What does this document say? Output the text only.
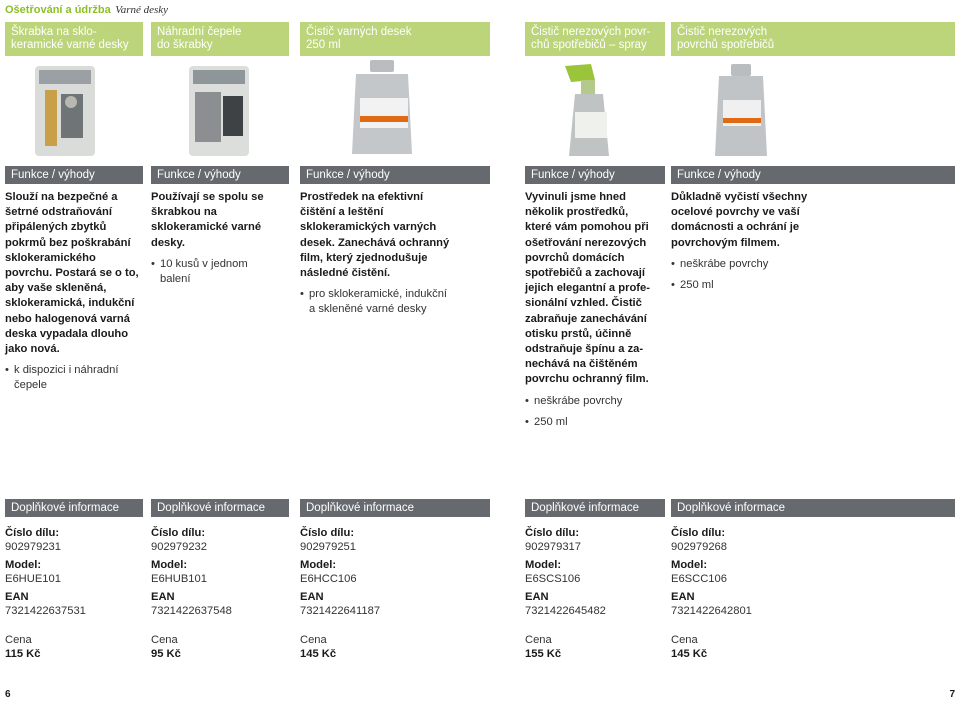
Ošetřování a údržba Varné desky
Škrabka na sklo-
keramické varné desky
Náhradní čepele
do škrabky
Čistič varných desek
250 ml
Čistič nerezových povr-
chů spotřebičů – spray
Čistič nerezových
povrchů spotřebičů
Funkce / výhody	Funkce / výhody	Funkce / výhody	Funkce / výhody	Funkce / výhody
Slouží na bezpečné a šetrné odstraňování připálených zbytků pokrmů bez poškrabání sklokeramického povrchu. Postará se o to, aby vaše skleněná, sklokeramická, indukční nebo halogenová varná deska vypadala dlouho jako nová.
• k dispozici i náhradní čepele
Používají se spolu se škrabkou na sklokeramické varné desky.
• 10 kusů v jednom balení
Prostředek na efektivní čištění a leštění sklokeramických varných desek. Zanechává ochranný film, který zjednodušuje následné čistění.
• pro sklokeramické, indukční a skleněné varné desky
Vyvinuli jsme hned několik prostředků, které vám pomohou při ošetřování nerezových povrchů domácích spotřebičů a zachovají jejich elegantní a profe- sionální vzhled. Čistič zabraňuje zanechávání otisku prstů, účinně odstraňuje špínu a za- nechává na čištěném povrchu ochranný film.
• neškrábe povrchy
• 250 ml
Důkladně vyčistí všechny ocelové povrchy ve vaší domácnosti a ochrání je povrchovým filmem.
• neškrábe povrchy
• 250 ml
Doplňkové informace	Doplňkové informace	Doplňkové informace	Doplňkové informace	Doplňkové informace
Číslo dílu:
902979231
Model:
E6HUE101
EAN
7321422637531
Cena
115 Kč
Číslo dílu:
902979232
Model:
E6HUB101
EAN
7321422637548
Cena
95 Kč
Číslo dílu:
902979251
Model:
E6HCC106
EAN
7321422641187
Cena
145 Kč
Číslo dílu:
902979317
Model:
E6SCS106
EAN
7321422645482
Cena
155 Kč
Číslo dílu:
902979268
Model:
E6SCC106
EAN
7321422642801
Cena
145 Kč
6	7
